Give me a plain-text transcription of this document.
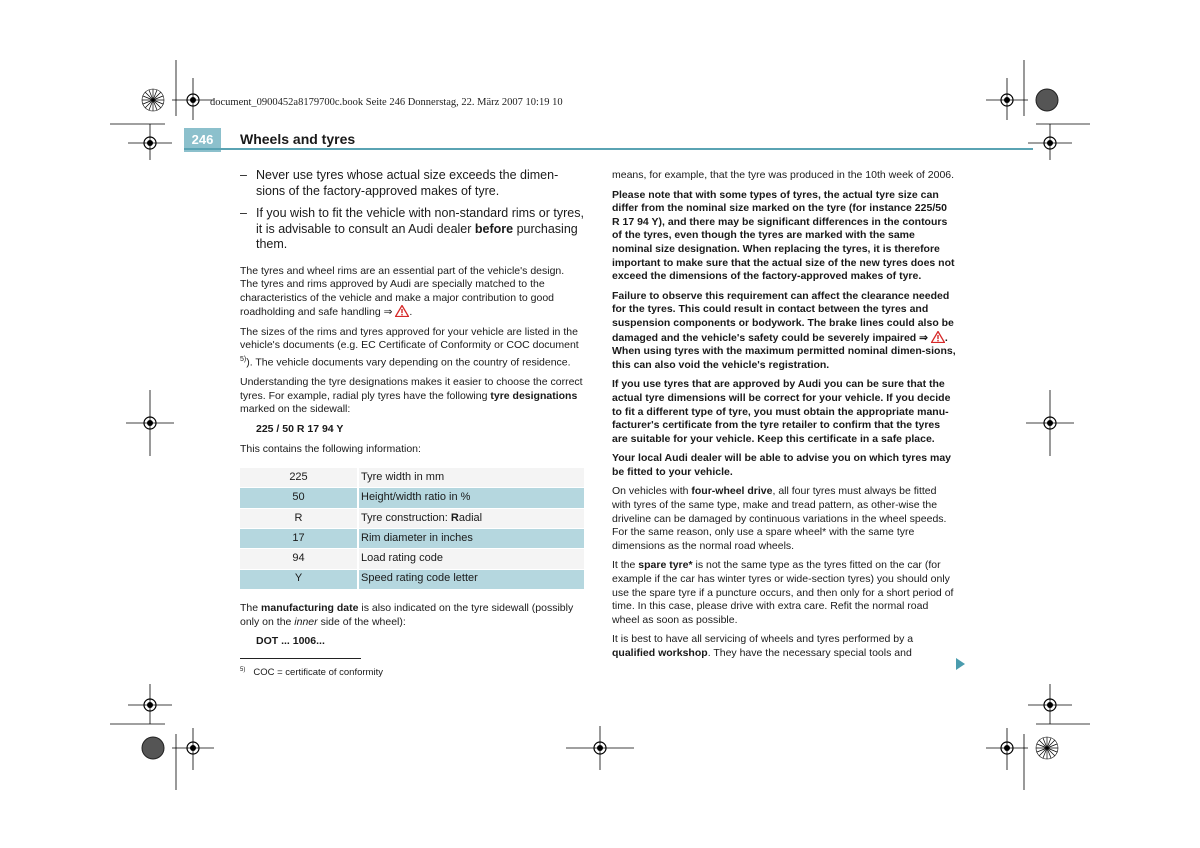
document_0900452a8179700c.book Seite 246 Donnerstag, 22. März 2007 10:19 10
246	Wheels and tyres
– Never use tyres whose actual size exceeds the dimen-sions of the factory-approved makes of tyre.
– If you wish to fit the vehicle with non-standard rims or tyres, it is advisable to consult an Audi dealer before purchasing them.

The tyres and wheel rims are an essential part of the vehicle's design. The tyres and rims approved by Audi are specially matched to the characteristics of the vehicle and make a major contribution to good roadholding and safe handling ⇒ .

The sizes of the rims and tyres approved for your vehicle are listed in the vehicle's documents (e.g. EC Certificate of Conformity or COC document $^{5)}$). The vehicle documents vary depending on the country of residence.

Understanding the tyre designations makes it easier to choose the correct tyres. For example, radial ply tyres have the following tyre designations marked on the sidewall:

225 / 50 R 17 94 Y

This contains the following information:

225	Tyre width in mm
50	Height/width ratio in %
R	Tyre construction: Radial
17	Rim diameter in inches
94	Load rating code
Y	Speed rating code letter

The manufacturing date is also indicated on the tyre sidewall (possibly only on the inner side of the wheel):

DOT ... 1006...

$^{5)}$ COC = certificate of conformity

means, for example, that the tyre was produced in the 10th week of 2006.

Please note that with some types of tyres, the actual tyre size can differ from the nominal size marked on the tyre (for instance 225/50 R 17 94 Y), and there may be significant differences in the contours of the tyres, even though the tyres are marked with the same nominal size designation. When replacing the tyres, it is therefore important to make sure that the actual size of the new tyres does not exceed the dimensions of the factory-approved makes of tyre.

Failure to observe this requirement can affect the clearance needed for the tyres. This could result in contact between the tyres and suspension components or bodywork. The brake lines could also be damaged and the vehicle's safety could be severely impaired ⇒ . When using tyres with the maximum permitted nominal dimen-sions, this can also void the vehicle's registration.

If you use tyres that are approved by Audi you can be sure that the actual tyre dimensions will be correct for your vehicle. If you decide to fit a different type of tyre, you must obtain the appropriate manu-facturer's certificate from the tyre retailer to confirm that the tyres are suitable for your vehicle. Keep this certificate in a safe place.

Your local Audi dealer will be able to advise you on which tyres may be fitted to your vehicle.

On vehicles with four-wheel drive, all four tyres must always be fitted with tyres of the same type, make and tread pattern, as other-wise the driveline can be damaged by continuous variations in the wheel speeds. For the same reason, only use a spare wheel* with the same tyre dimensions as the normal road wheels.

It the spare tyre* is not the same type as the tyres fitted on the car (for example if the car has winter tyres or wide-section tyres) you should only use the spare tyre if a puncture occurs, and then only for a short period of time. In this case, please drive with extra care. Refit the normal road wheel as soon as possible.

It is best to have all servicing of wheels and tyres performed by a qualified workshop. They have the necessary special tools and
